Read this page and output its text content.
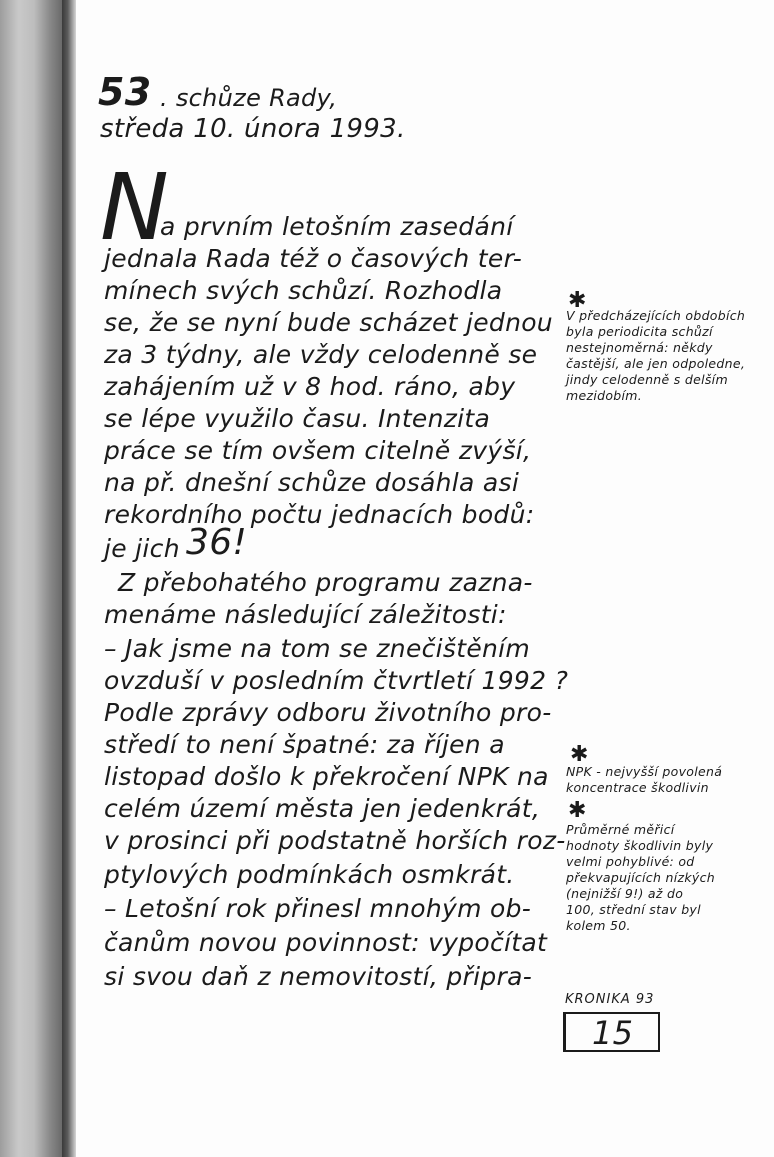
53 . schůze Rady,
středa 10. února 1993.
N
a prvním letošním zasedání
jednala Rada též o časových ter-
mínech svých schůzí. Rozhodla
se, že se nyní bude scházet jednou
za 3 týdny, ale vždy celodenně se
zahájením už v 8 hod. ráno, aby
se lépe využilo času. Intenzita
práce se tím ovšem citelně zvýší,
na př. dnešní schůze dosáhla asi
rekordního počtu jednacích bodů:
je jich 36!
Z přebohatého programu zazna-
menáme následující záležitosti:
– Jak jsme na tom se znečištěním
ovzduší v posledním čtvrtletí 1992 ?
Podle zprávy odboru životního pro-
středí to není špatné: za říjen a
listopad došlo k překročení NPK na
celém území města jen jedenkrát,
v prosinci při podstatně horších roz-
ptylových podmínkách osmkrát.
– Letošní rok přinesl mnohým ob-
čanům novou povinnost: vypočítat
si svou daň z nemovitostí, připra-
✱
V předcházejících obdobích
byla periodicita schůzí
nestejnoměrná: někdy
častější, ale jen odpoledne,
jindy celodenně s delším
mezidobím.
✱
NPK - nejvyšší povolená
koncentrace škodlivin
✱
Průměrné měřicí
hodnoty škodlivin byly
velmi pohyblivé: od
překvapujících nízkých
(nejnižší 9!) až do
100, střední stav byl
kolem 50.
KRONIKA 93
15
